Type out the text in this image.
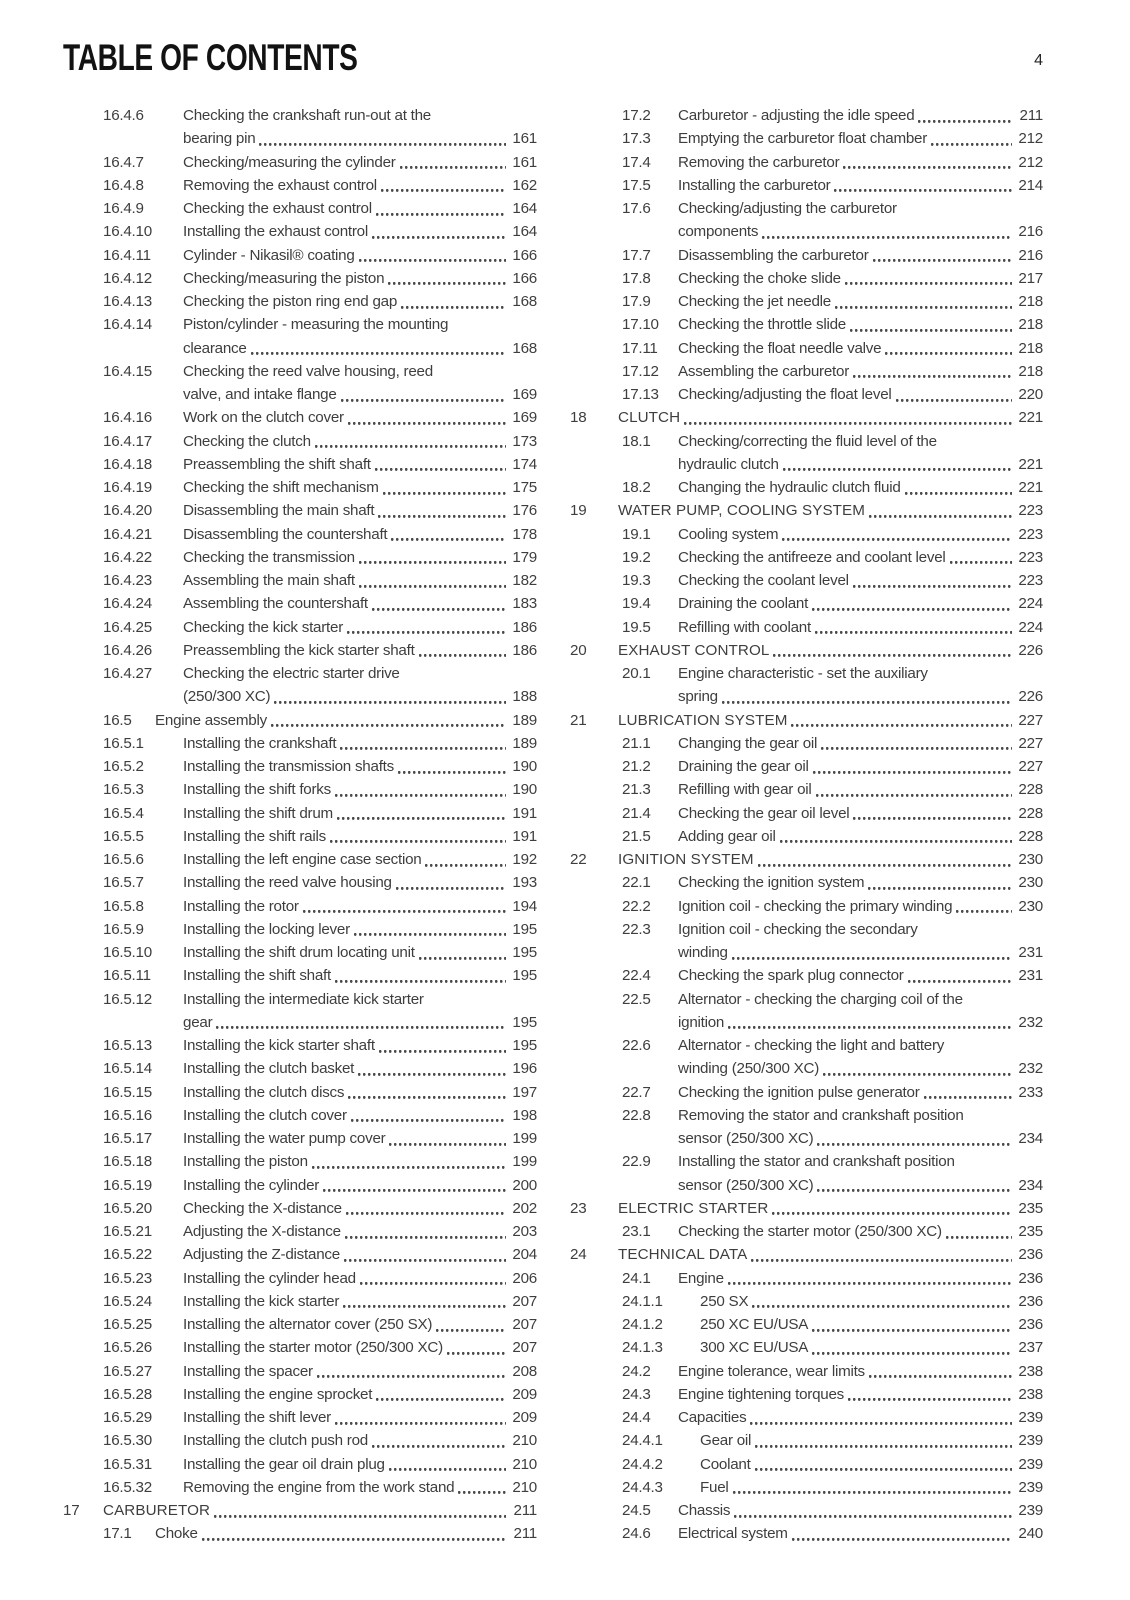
TABLE OF CONTENTS	4
16.4.6	Checking the crankshaft run-out at the
bearing pin	161
16.4.7	Checking/measuring the cylinder	161
16.4.8	Removing the exhaust control	162
16.4.9	Checking the exhaust control	164
16.4.10	Installing the exhaust control	164
16.4.11	Cylinder - Nikasil® coating	166
16.4.12	Checking/measuring the piston	166
16.4.13	Checking the piston ring end gap	168
16.4.14	Piston/cylinder - measuring the mounting
clearance	168
16.4.15	Checking the reed valve housing, reed
valve, and intake flange	169
16.4.16	Work on the clutch cover	169
16.4.17	Checking the clutch	173
16.4.18	Preassembling the shift shaft	174
16.4.19	Checking the shift mechanism	175
16.4.20	Disassembling the main shaft	176
16.4.21	Disassembling the countershaft	178
16.4.22	Checking the transmission	179
16.4.23	Assembling the main shaft	182
16.4.24	Assembling the countershaft	183
16.4.25	Checking the kick starter	186
16.4.26	Preassembling the kick starter shaft	186
16.4.27	Checking the electric starter drive
(250/300 XC)	188
16.5	Engine assembly	189
16.5.1	Installing the crankshaft	189
16.5.2	Installing the transmission shafts	190
16.5.3	Installing the shift forks	190
16.5.4	Installing the shift drum	191
16.5.5	Installing the shift rails	191
16.5.6	Installing the left engine case section	192
16.5.7	Installing the reed valve housing	193
16.5.8	Installing the rotor	194
16.5.9	Installing the locking lever	195
16.5.10	Installing the shift drum locating unit	195
16.5.11	Installing the shift shaft	195
16.5.12	Installing the intermediate kick starter
gear	195
16.5.13	Installing the kick starter shaft	195
16.5.14	Installing the clutch basket	196
16.5.15	Installing the clutch discs	197
16.5.16	Installing the clutch cover	198
16.5.17	Installing the water pump cover	199
16.5.18	Installing the piston	199
16.5.19	Installing the cylinder	200
16.5.20	Checking the X-distance	202
16.5.21	Adjusting the X-distance	203
16.5.22	Adjusting the Z-distance	204
16.5.23	Installing the cylinder head	206
16.5.24	Installing the kick starter	207
16.5.25	Installing the alternator cover (250 SX)	207
16.5.26	Installing the starter motor (250/300 XC)	207
16.5.27	Installing the spacer	208
16.5.28	Installing the engine sprocket	209
16.5.29	Installing the shift lever	209
16.5.30	Installing the clutch push rod	210
16.5.31	Installing the gear oil drain plug	210
16.5.32	Removing the engine from the work stand	210
17	CARBURETOR	211
17.1	Choke	211
17.2	Carburetor - adjusting the idle speed	211
17.3	Emptying the carburetor float chamber	212
17.4	Removing the carburetor	212
17.5	Installing the carburetor	214
17.6	Checking/adjusting the carburetor
components	216
17.7	Disassembling the carburetor	216
17.8	Checking the choke slide	217
17.9	Checking the jet needle	218
17.10	Checking the throttle slide	218
17.11	Checking the float needle valve	218
17.12	Assembling the carburetor	218
17.13	Checking/adjusting the float level	220
18	CLUTCH	221
18.1	Checking/correcting the fluid level of the
hydraulic clutch	221
18.2	Changing the hydraulic clutch fluid	221
19	WATER PUMP, COOLING SYSTEM	223
19.1	Cooling system	223
19.2	Checking the antifreeze and coolant level	223
19.3	Checking the coolant level	223
19.4	Draining the coolant	224
19.5	Refilling with coolant	224
20	EXHAUST CONTROL	226
20.1	Engine characteristic - set the auxiliary
spring	226
21	LUBRICATION SYSTEM	227
21.1	Changing the gear oil	227
21.2	Draining the gear oil	227
21.3	Refilling with gear oil	228
21.4	Checking the gear oil level	228
21.5	Adding gear oil	228
22	IGNITION SYSTEM	230
22.1	Checking the ignition system	230
22.2	Ignition coil - checking the primary winding	230
22.3	Ignition coil - checking the secondary
winding	231
22.4	Checking the spark plug connector	231
22.5	Alternator - checking the charging coil of the
ignition	232
22.6	Alternator - checking the light and battery
winding (250/300 XC)	232
22.7	Checking the ignition pulse generator	233
22.8	Removing the stator and crankshaft position
sensor (250/300 XC)	234
22.9	Installing the stator and crankshaft position
sensor (250/300 XC)	234
23	ELECTRIC STARTER	235
23.1	Checking the starter motor (250/300 XC)	235
24	TECHNICAL DATA	236
24.1	Engine	236
24.1.1	250 SX	236
24.1.2	250 XC EU/USA	236
24.1.3	300 XC EU/USA	237
24.2	Engine tolerance, wear limits	238
24.3	Engine tightening torques	238
24.4	Capacities	239
24.4.1	Gear oil	239
24.4.2	Coolant	239
24.4.3	Fuel	239
24.5	Chassis	239
24.6	Electrical system	240
